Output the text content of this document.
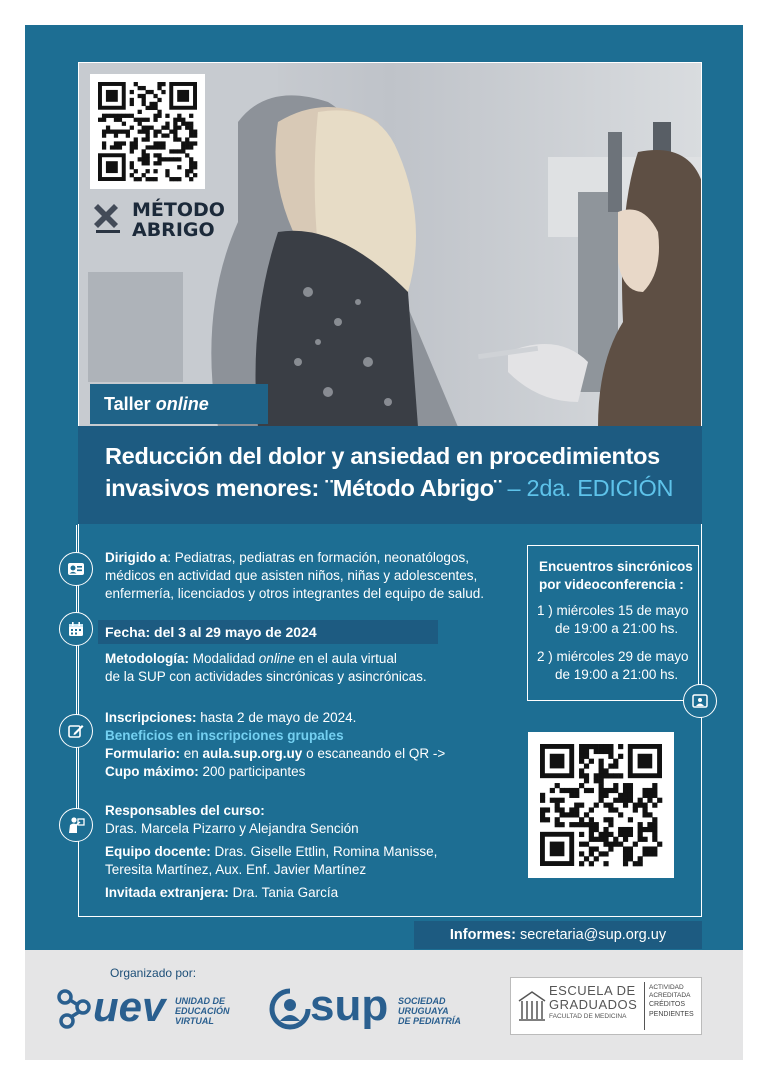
MÉTODO
ABRIGO
Taller online
Reducción del dolor y ansiedad en procedimientos
invasivos menores: ¨Método Abrigo¨ – 2da. EDICIÓN
Dirigido a: Pediatras, pediatras en formación, neonatólogos,
médicos en actividad que asisten niños, niñas y adolescentes,
enfermería, licenciados y otros integrantes del equipo de salud.
Fecha: del 3 al 29 mayo de 2024
Metodología: Modalidad online en el aula virtual
de la SUP con actividades sincrónicas y asincrónicas.
Inscripciones: hasta 2 de mayo de 2024.
Beneficios en inscripciones grupales
Formulario: en aula.sup.org.uy o escaneando el QR ->
Cupo máximo: 200 participantes
Responsables del curso:
Dras. Marcela Pizarro y Alejandra Sención
Equipo docente: Dras. Giselle Ettlin, Romina Manisse,
Teresita Martínez, Aux. Enf. Javier Martínez
Invitada extranjera: Dra. Tania García
Encuentros sincrónicos
por videoconferencia :
1 ) miércoles 15 de mayo
de 19:00 a 21:00 hs.
2 ) miércoles 29 de mayo
de 19:00 a 21:00 hs.
Informes: secretaria@sup.org.uy
Organizado por:
uev UNIDAD DE
EDUCACIÓN
VIRTUAL	sup SOCIEDAD
URUGUAYA
DE PEDIATRÍA
ESCUELA DE
GRADUADOS
FACULTAD DE MEDICINA
ACTIVIDAD
ACREDITADA
CRÉDITOS
PENDIENTES
